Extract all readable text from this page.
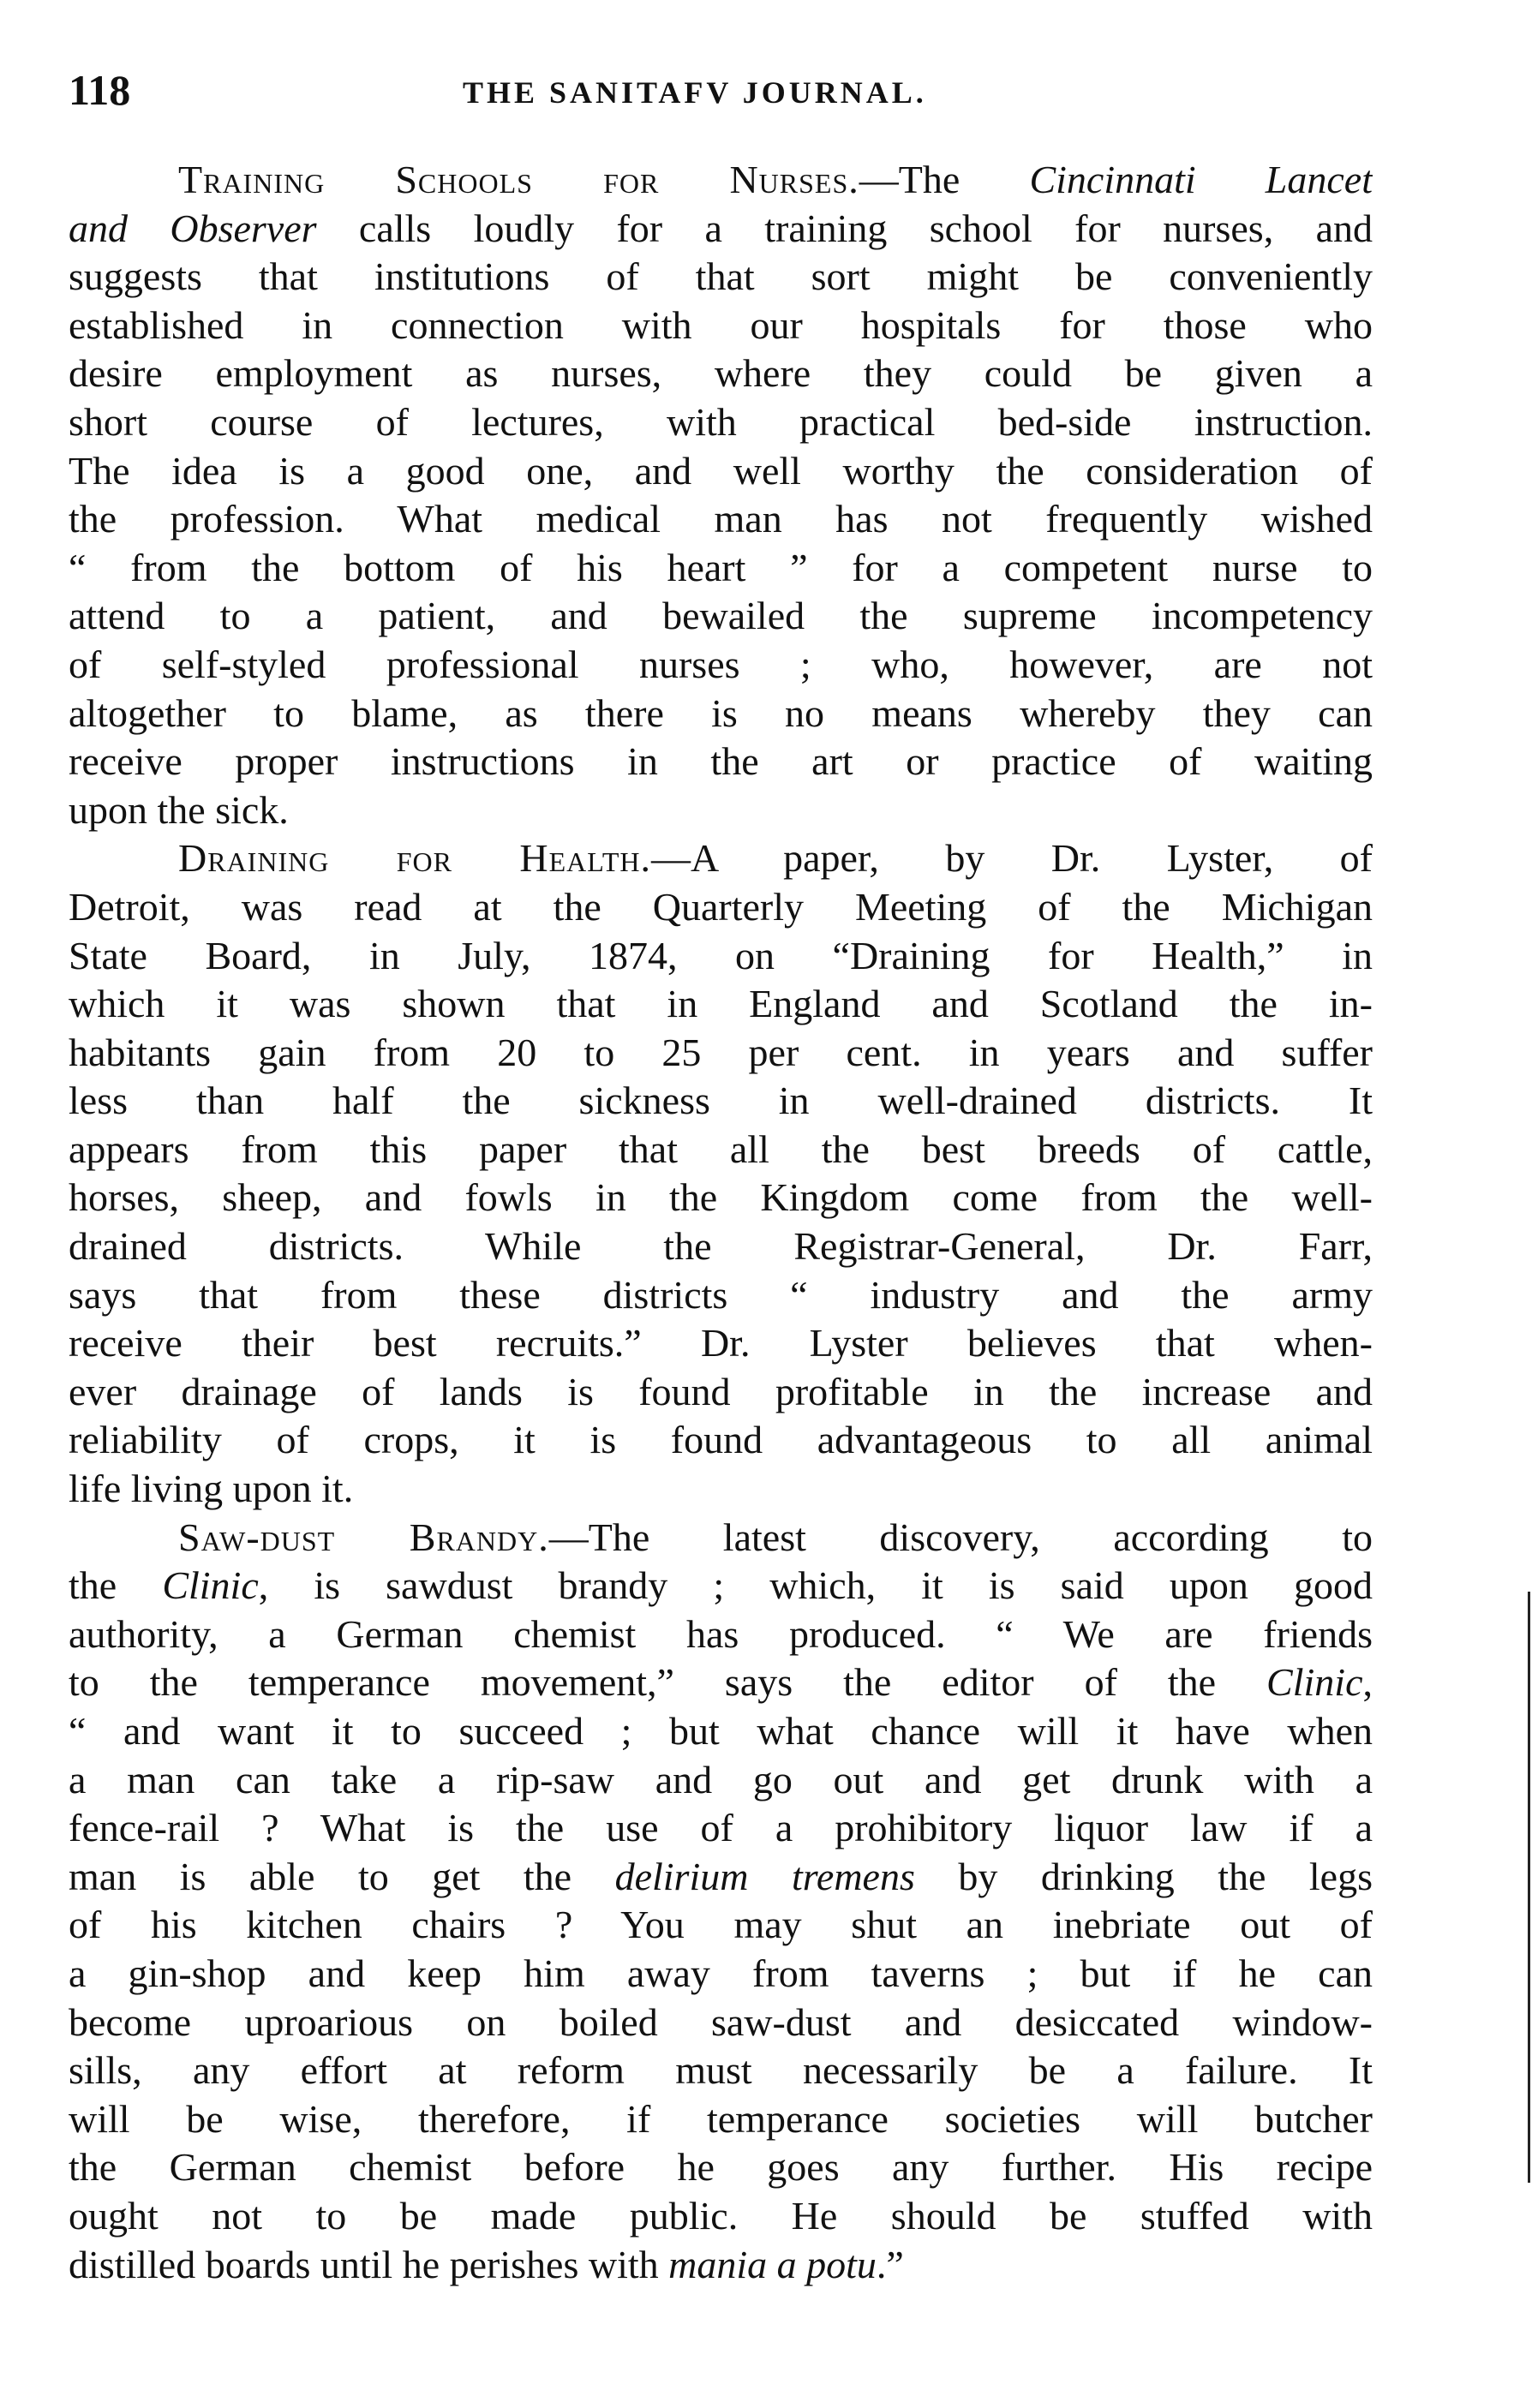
118	THE SANITAFV JOURNAL.

Training Schools for Nurses.—The Cincinnati Lancet
and Observer calls loudly for a training school for nurses, and
suggests that institutions of that sort might be conveniently
established in connection with our hospitals for those who
desire employment as nurses, where they could be given a
short course of lectures, with practical bed-side instruction.
The idea is a good one, and well worthy the consideration of
the profession. What medical man has not frequently wished
“ from the bottom of his heart ” for a competent nurse to
attend to a patient, and bewailed the supreme incompetency
of self-styled professional nurses ; who, however, are not
altogether to blame, as there is no means whereby they can
receive proper instructions in the art or practice of waiting
upon the sick.

Draining for Health.—A paper, by Dr. Lyster, of
Detroit, was read at the Quarterly Meeting of the Michigan
State Board, in July, 1874, on “Draining for Health,” in
which it was shown that in England and Scotland the in-
habitants gain from 20 to 25 per cent. in years and suffer
less than half the sickness in well-drained districts. It
appears from this paper that all the best breeds of cattle,
horses, sheep, and fowls in the Kingdom come from the well-
drained districts. While the Registrar-General, Dr. Farr,
says that from these districts “ industry and the army
receive their best recruits.” Dr. Lyster believes that when-
ever drainage of lands is found profitable in the increase and
reliability of crops, it is found advantageous to all animal
life living upon it.

Saw-dust Brandy.—The latest discovery, according to
the Clinic, is sawdust brandy ; which, it is said upon good
authority, a German chemist has produced. “ We are friends
to the temperance movement,” says the editor of the Clinic,
“ and want it to succeed ; but what chance will it have when
a man can take a rip-saw and go out and get drunk with a
fence-rail ? What is the use of a prohibitory liquor law if a
man is able to get the delirium tremens by drinking the legs
of his kitchen chairs ? You may shut an inebriate out of
a gin-shop and keep him away from taverns ; but if he can
become uproarious on boiled saw-dust and desiccated window-
sills, any effort at reform must necessarily be a failure. It
will be wise, therefore, if temperance societies will butcher
the German chemist before he goes any further. His recipe
ought not to be made public. He should be stuffed with
distilled boards until he perishes with mania a potu.”
